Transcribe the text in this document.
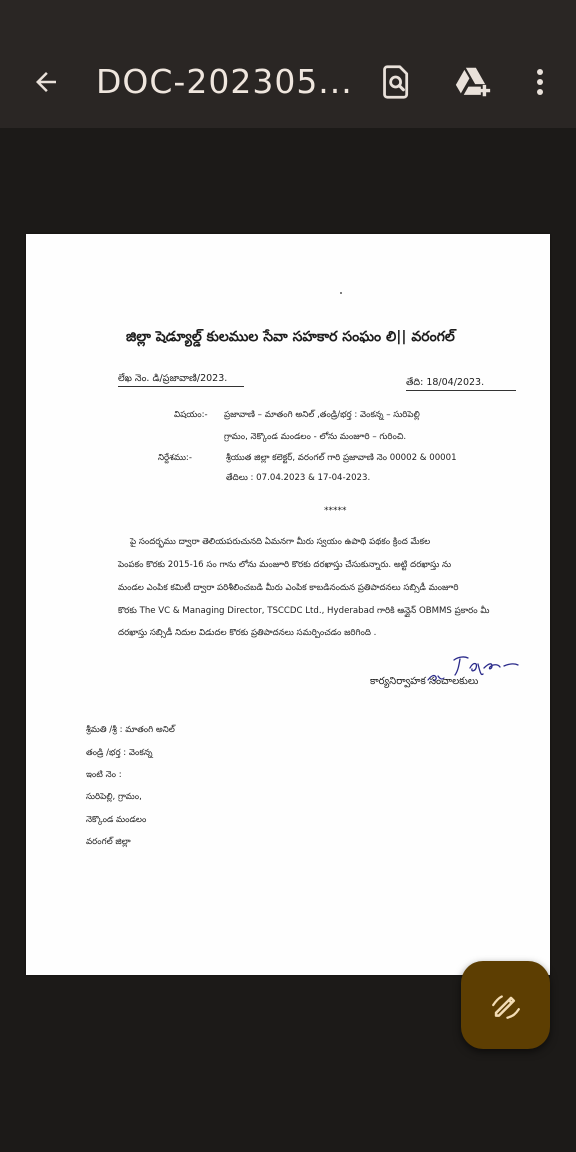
DOC-202305...
జిల్లా షెడ్యూల్డ్ కులముల సేవా సహకార సంఘం లి|| వరంగల్
లేఖ నెం. డి/ప్రజావాణి/2023.	తేది: 18/04/2023.
విషయం:- ప్రజావాణి – మాతంగి అనిల్ ,తండ్రి/భర్త : వెంకన్న – సురిపెల్లి
గ్రామం, నెక్కొండ మండలం - లోను మంజూరి – గురించి.
నిర్దేశము:-	శ్రీయుత జిల్లా కలెక్టర్, వరంగల్ గారి ప్రజావాణి నెం 00002 & 00001
తేదిలు : 07.04.2023 & 17-04-2023.
*****
పై సందర్భము ద్వారా తెలియపరుచునది ఏమనగా మీరు స్వయం ఉపాధి పథకం క్రింద మేకల
పెంపకం కొరకు 2015-16 సం గాను లోను మంజూరి కొరకు దరఖాస్తు చేసుకున్నారు. అట్టి దరఖాస్తు ను
మండల ఎంపిక కమిటీ ద్వారా పరిశీలించబడి మీరు ఎంపిక కాబడినందున ప్రతిపాదనలు సబ్సిడీ మంజూరి
కొరకు The VC & Managing Director, TSCCDC Ltd., Hyderabad గారికి ఆన్లైన్ OBMMS ప్రకారం మీ
దరఖాస్తు సబ్సిడీ నిదుల విడుదల కొరకు ప్రతిపాదనలు సమర్పించడం జరిగింది .
కార్యనిర్వాహక సంచాలకులు
శ్రీమతి /శ్రీ : మాతంగి అనిల్
తండ్రి /భర్త : వెంకన్న
ఇంటి నెం :
సురిపెల్లి, గ్రామం,
నెక్కొండ మండలం
వరంగల్ జిల్లా
